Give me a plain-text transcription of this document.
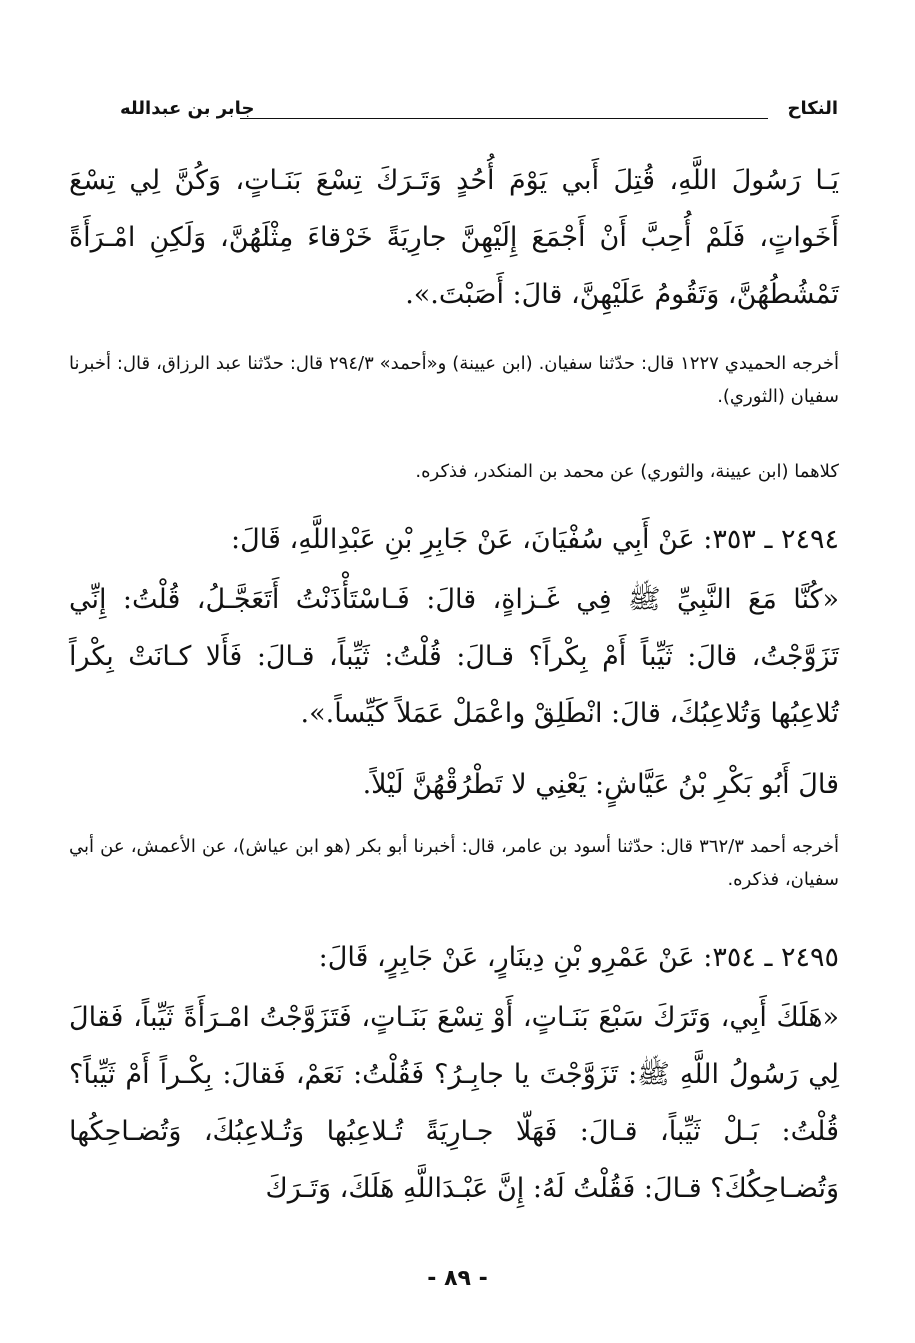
النكاح
جابر بن عبدالله

يَـا رَسُولَ اللَّهِ، قُتِلَ أَبي يَوْمَ أُحُدٍ وَتَـرَكَ تِسْعَ بَنَـاتٍ، وَكُنَّ لِي تِسْعَ أَخَواتٍ، فَلَمْ أُحِبَّ أَنْ أَجْمَعَ إِلَيْهِنَّ جارِيَةً خَرْقاءَ مِثْلَهُنَّ، وَلَكِنِ امْـرَأَةً تَمْشُطُهُنَّ، وَتَقُومُ عَلَيْهِنَّ، قالَ: أَصَبْتَ.».

أخرجه الحميدي ١٢٢٧ قال: حدّثنا سفيان. (ابن عيينة) و«أحمد» ٢٩٤/٣ قال: حدّثنا عبد الرزاق، قال: أخبرنا سفيان (الثوري).

كلاهما (ابن عيينة، والثوري) عن محمد بن المنكدر، فذكره.

٢٤٩٤ ـ ٣٥٣: عَنْ أَبِي سُفْيَانَ، عَنْ جَابِرِ بْنِ عَبْدِاللَّهِ، قَالَ:

«كُنَّا مَعَ النَّبِيِّ ﷺ فِي غَـزاةٍ، قالَ: فَـاسْتَأْذَنْتُ أَتَعَجَّـلُ، قُلْتُ: إِنِّي تَزَوَّجْتُ، قالَ: ثَيِّباً أَمْ بِكْراً؟ قـالَ: قُلْتُ: ثَيِّباً، قـالَ: فَأَلا كـانَتْ بِكْراً تُلاعِبُها وَتُلاعِبُكَ، قالَ: انْطَلِقْ واعْمَلْ عَمَلاً كَيِّساً.».

قالَ أَبُو بَكْرِ بْنُ عَيَّاشٍ: يَعْنِي لا تَطْرُقْهُنَّ لَيْلاً.

أخرجه أحمد ٣٦٢/٣ قال: حدّثنا أسود بن عامر، قال: أخبرنا أبو بكر (هو ابن عياش)، عن الأعمش، عن أبي سفيان، فذكره.

٢٤٩٥ ـ ٣٥٤: عَنْ عَمْرِو بْنِ دِينَارٍ، عَنْ جَابِرٍ، قَالَ:

«هَلَكَ أَبِي، وَتَرَكَ سَبْعَ بَنَـاتٍ، أَوْ تِسْعَ بَنَـاتٍ، فَتَزَوَّجْتُ امْـرَأَةً ثَيِّباً، فَقالَ لِي رَسُولُ اللَّهِ ﷺ: تَزَوَّجْتَ يا جابِـرُ؟ فَقُلْتُ: نَعَمْ، فَقالَ: بِكْـراً أَمْ ثَيِّباً؟ قُلْتُ: بَـلْ ثَيِّباً، قـالَ: فَهَلّا جـارِيَةً تُـلاعِبُها وَتُـلاعِبُكَ، وَتُضـاحِكُها وَتُضـاحِكُكَ؟ قـالَ: فَقُلْتُ لَهُ: إِنَّ عَبْـدَاللَّهِ هَلَكَ، وَتَـرَكَ

- ٨٩ -
